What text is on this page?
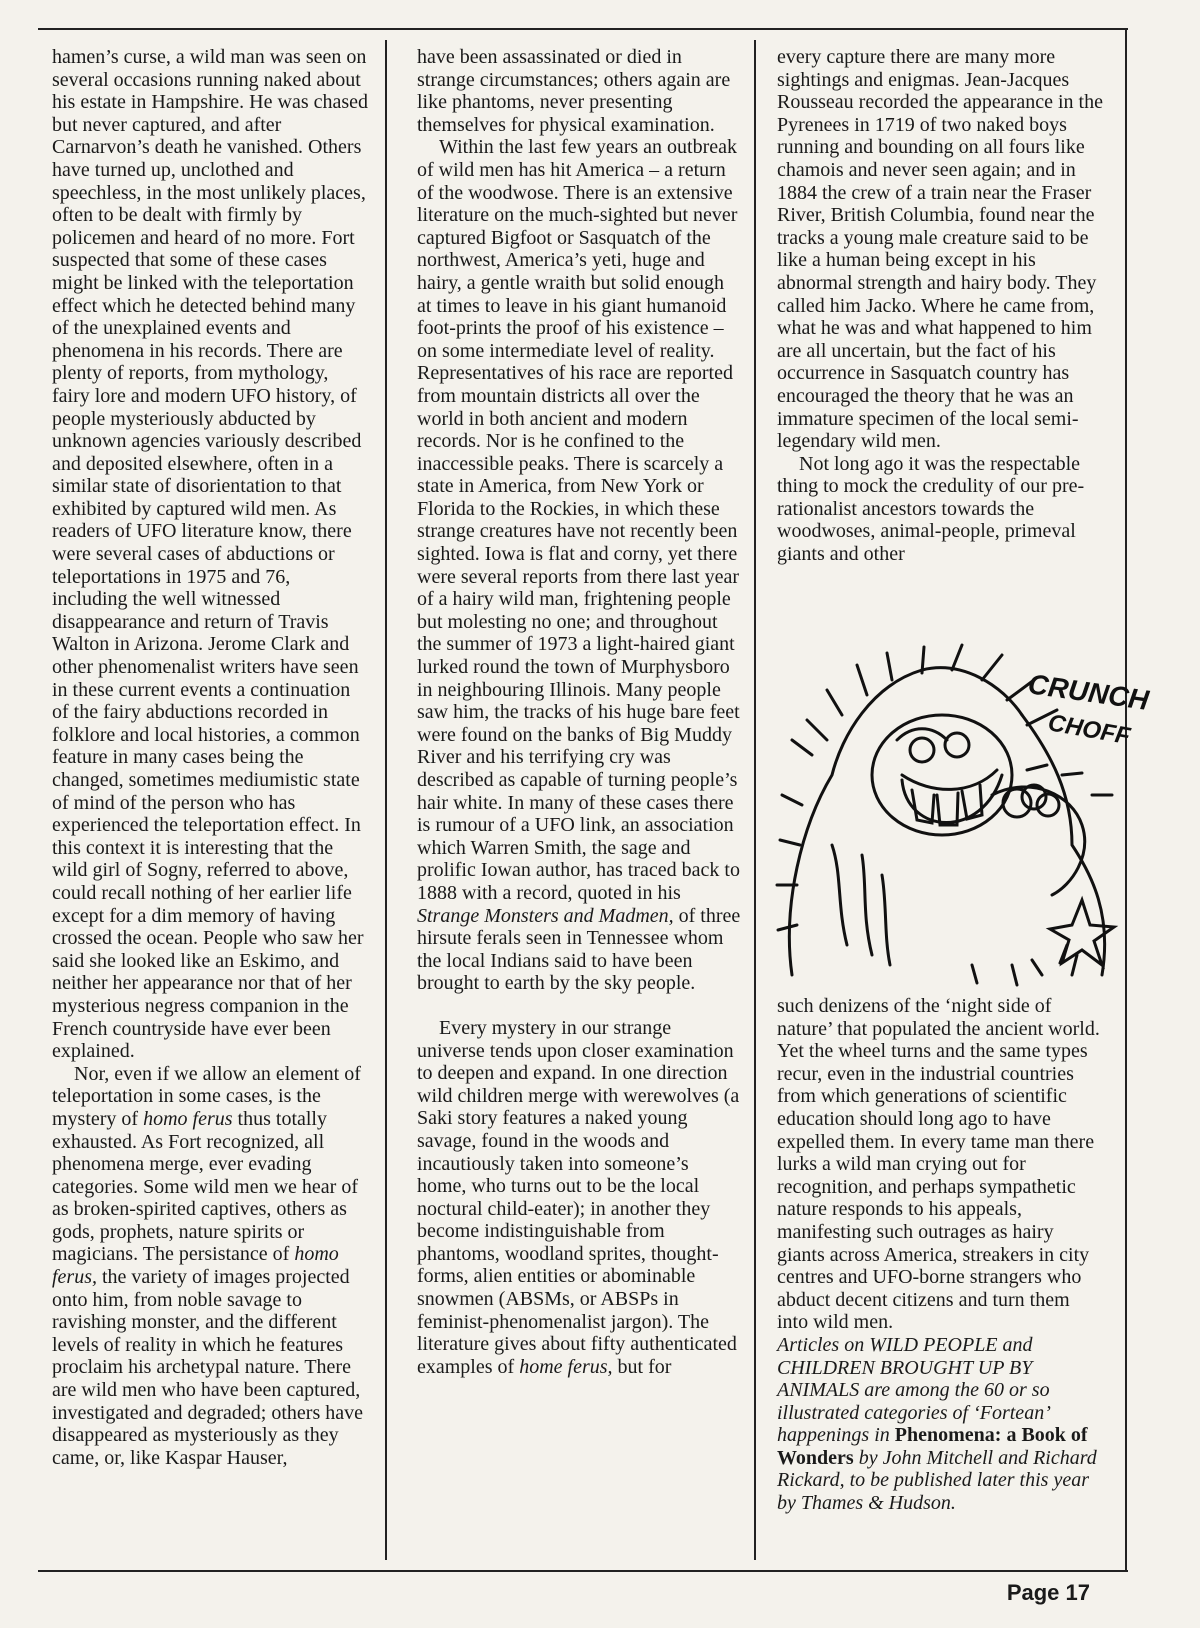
hamen’s curse, a wild man was seen on several occasions running naked about his estate in Hampshire. He was chased but never captured, and after Carnarvon’s death he vanished. Others have turned up, unclothed and speechless, in the most unlikely places, often to be dealt with firmly by policemen and heard of no more. Fort suspected that some of these cases might be linked with the teleportation effect which he detected behind many of the unexplained events and phenomena in his records. There are plenty of reports, from mythology, fairy lore and modern UFO history, of people mysteriously abducted by unknown agencies variously described and deposited elsewhere, often in a similar state of disorientation to that exhibited by captured wild men. As readers of UFO literature know, there were several cases of abductions or teleportations in 1975 and 76, including the well witnessed disappearance and return of Travis Walton in Arizona. Jerome Clark and other phenomenalist writers have seen in these current events a continuation of the fairy abductions recorded in folklore and local histories, a common feature in many cases being the changed, sometimes mediumistic state of mind of the person who has experienced the teleportation effect. In this context it is interesting that the wild girl of Sogny, referred to above, could recall nothing of her earlier life except for a dim memory of having crossed the ocean. People who saw her said she looked like an Eskimo, and neither her appearance nor that of her mysterious negress companion in the French countryside have ever been explained.

Nor, even if we allow an element of teleportation in some cases, is the mystery of homo ferus thus totally exhausted. As Fort recognized, all phenomena merge, ever evading categories. Some wild men we hear of as broken-spirited captives, others as gods, prophets, nature spirits or magicians. The persistance of homo ferus, the variety of images projected onto him, from noble savage to ravishing monster, and the different levels of reality in which he features proclaim his archetypal nature. There are wild men who have been captured, investigated and degraded; others have disappeared as mysteriously as they came, or, like Kaspar Hauser,

have been assassinated or died in strange circumstances; others again are like phantoms, never presenting themselves for physical examination.

Within the last few years an outbreak of wild men has hit America – a return of the woodwose. There is an extensive literature on the much-sighted but never captured Bigfoot or Sasquatch of the northwest, America’s yeti, huge and hairy, a gentle wraith but solid enough at times to leave in his giant humanoid foot-prints the proof of his existence – on some intermediate level of reality. Representatives of his race are reported from mountain districts all over the world in both ancient and modern records. Nor is he confined to the inaccessible peaks. There is scarcely a state in America, from New York or Florida to the Rockies, in which these strange creatures have not recently been sighted. Iowa is flat and corny, yet there were several reports from there last year of a hairy wild man, frightening people but molesting no one; and throughout the summer of 1973 a light-haired giant lurked round the town of Murphysboro in neighbouring Illinois. Many people saw him, the tracks of his huge bare feet were found on the banks of Big Muddy River and his terrifying cry was described as capable of turning people’s hair white. In many of these cases there is rumour of a UFO link, an association which Warren Smith, the sage and prolific Iowan author, has traced back to 1888 with a record, quoted in his Strange Monsters and Madmen, of three hirsute ferals seen in Tennessee whom the local Indians said to have been brought to earth by the sky people.

Every mystery in our strange universe tends upon closer examination to deepen and expand. In one direction wild children merge with werewolves (a Saki story features a naked young savage, found in the woods and incautiously taken into someone’s home, who turns out to be the local noctural child-eater); in another they become indistinguishable from phantoms, woodland sprites, thought-forms, alien entities or abominable snowmen (ABSMs, or ABSPs in feminist-phenomenalist jargon). The literature gives about fifty authenticated examples of home ferus, but for

every capture there are many more sightings and enigmas. Jean-Jacques Rousseau recorded the appearance in the Pyrenees in 1719 of two naked boys running and bounding on all fours like chamois and never seen again; and in 1884 the crew of a train near the Fraser River, British Columbia, found near the tracks a young male creature said to be like a human being except in his abnormal strength and hairy body. They called him Jacko. Where he came from, what he was and what happened to him are all uncertain, but the fact of his occurrence in Sasquatch country has encouraged the theory that he was an immature specimen of the local semi-legendary wild men.

Not long ago it was the respectable thing to mock the credulity of our pre-rationalist ancestors towards the woodwoses, animal-people, primeval giants and other

CRUNCH
CHOFF

such denizens of the ‘night side of nature’ that populated the ancient world. Yet the wheel turns and the same types recur, even in the industrial countries from which generations of scientific education should long ago to have expelled them. In every tame man there lurks a wild man crying out for recognition, and perhaps sympathetic nature responds to his appeals, manifesting such outrages as hairy giants across America, streakers in city centres and UFO-borne strangers who abduct decent citizens and turn them into wild men.

Articles on WILD PEOPLE and CHILDREN BROUGHT UP BY ANIMALS are among the 60 or so illustrated categories of ‘Fortean’ happenings in Phenomena: a Book of Wonders by John Mitchell and Richard Rickard, to be published later this year by Thames & Hudson.

Page 17
